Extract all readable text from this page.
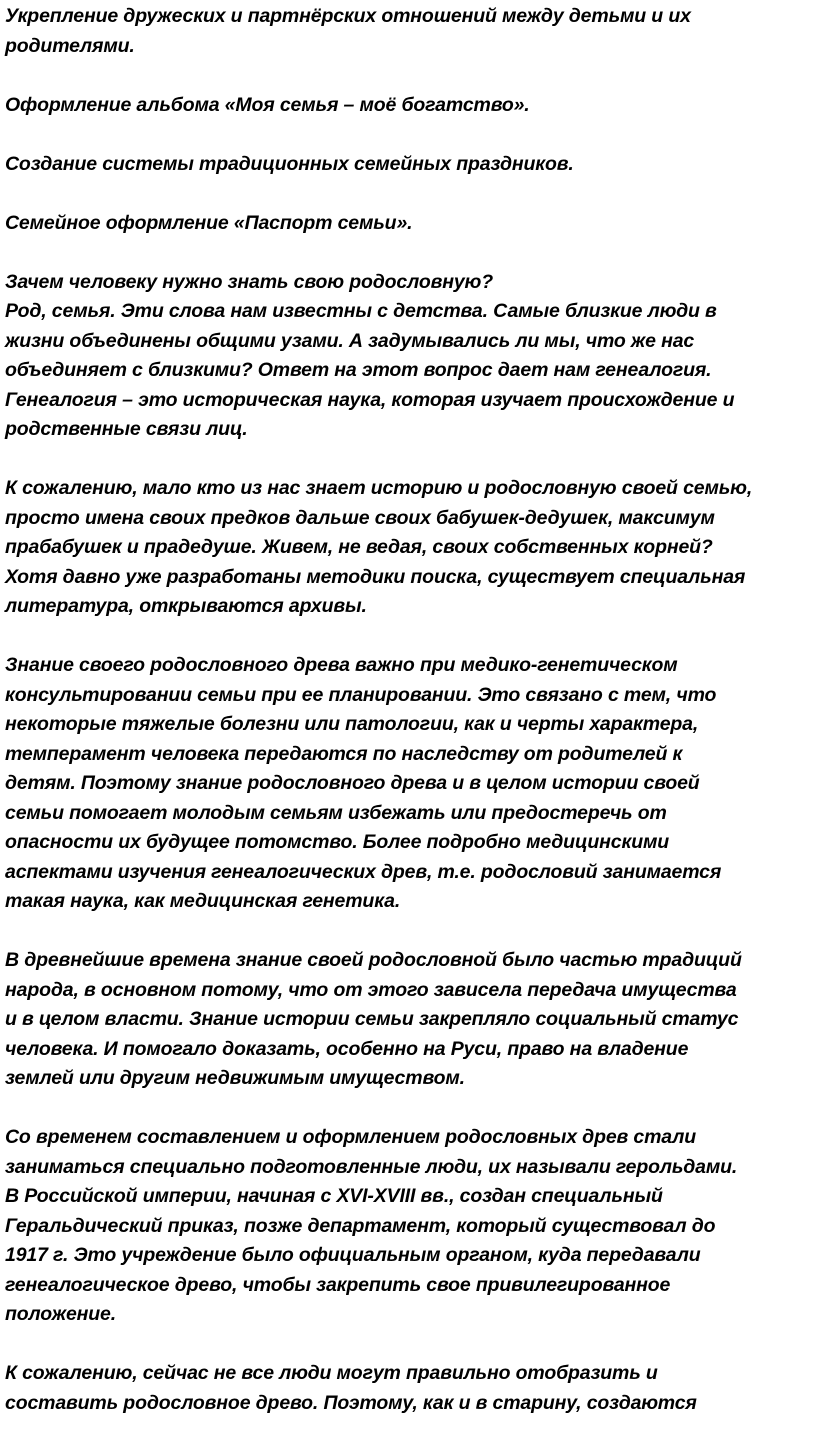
Укрепление дружеских и партнёрских отношений между детьми и их
родителями.

Оформление альбома «Моя семья – моё богатство».

Создание системы традиционных семейных праздников.

Семейное оформление «Паспорт семьи».

Зачем человеку нужно знать свою родословную?
Род, семья. Эти слова нам известны с детства. Самые близкие люди в
жизни объединены общими узами. А задумывались ли мы, что же нас
объединяет с близкими? Ответ на этот вопрос дает нам генеалогия.
Генеалогия – это историческая наука, которая изучает происхождение и
родственные связи лиц.

К сожалению, мало кто из нас знает историю и родословную своей семью,
просто имена своих предков дальше своих бабушек-дедушек, максимум
прабабушек и прадедуше. Живем, не ведая, своих собственных корней?
Хотя давно уже разработаны методики поиска, существует специальная
литература, открываются архивы.

Знание своего родословного древа важно при медико-генетическом
консультировании семьи при ее планировании. Это связано с тем, что
некоторые тяжелые болезни или патологии, как и черты характера,
темперамент человека передаются по наследству от родителей к
детям. Поэтому знание родословного древа и в целом истории своей
семьи помогает молодым семьям избежать или предостеречь от
опасности их будущее потомство. Более подробно медицинскими
аспектами изучения генеалогических древ, т.е. родословий занимается
такая наука, как медицинская генетика.

В древнейшие времена знание своей родословной было частью традиций
народа, в основном потому, что от этого зависела передача имущества
и в целом власти. Знание истории семьи закрепляло социальный статус
человека. И помогало доказать, особенно на Руси, право на владение
землей или другим недвижимым имуществом.

Со временем составлением и оформлением родословных древ стали
заниматься специально подготовленные люди, их называли герольдами.
В Российской империи, начиная с XVI-XVIII вв., создан специальный
Геральдический приказ, позже департамент, который существовал до
1917 г. Это учреждение было официальным органом, куда передавали
генеалогическое древо, чтобы закрепить свое привилегированное
положение.

К сожалению, сейчас не все люди могут правильно отобразить и
составить родословное древо. Поэтому, как и в старину, создаются
